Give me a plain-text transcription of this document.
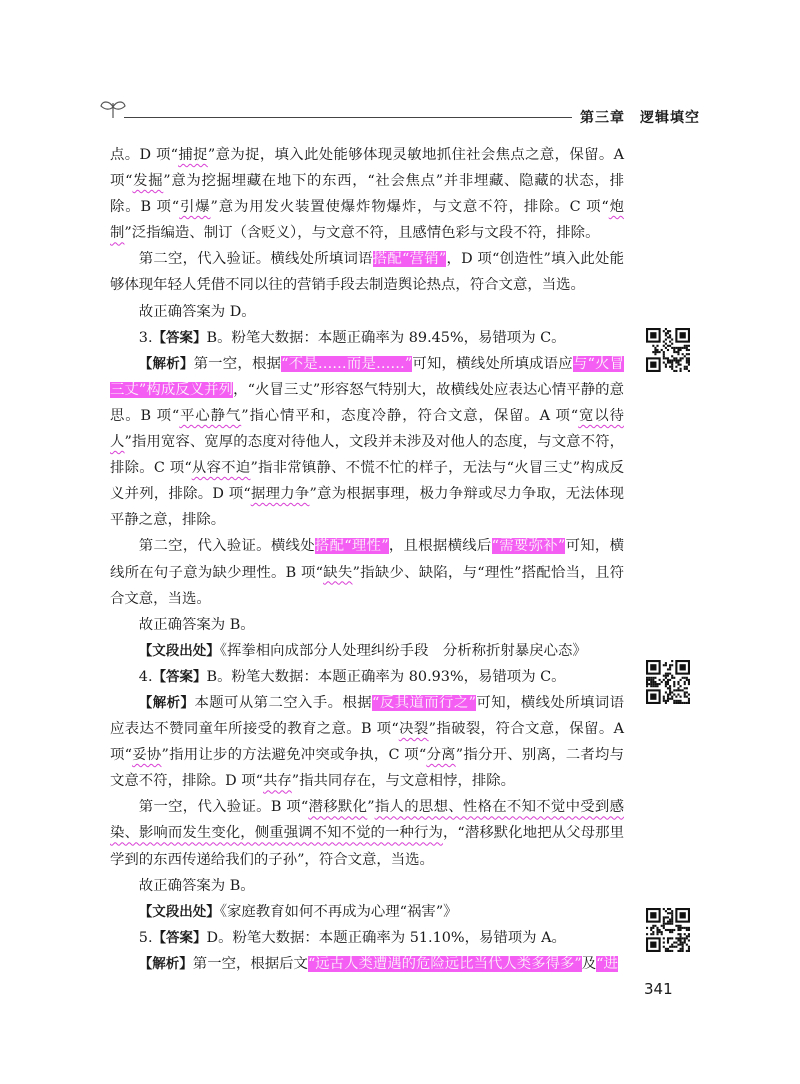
第三章　逻辑填空

点。D 项“捕捉”意为捉，填入此处能够体现灵敏地抓住社会焦点之意，保留。A 项“发掘”意为挖掘埋藏在地下的东西，“社会焦点”并非埋藏、隐藏的状态，排除。B 项“引爆”意为用发火装置使爆炸物爆炸，与文意不符，排除。C 项“炮制”泛指编造、制订（含贬义），与文意不符，且感情色彩与文段不符，排除。

第二空，代入验证。横线处所填词语搭配“营销”，D 项“创造性”填入此处能够体现年轻人凭借不同以往的营销手段去制造舆论热点，符合文意，当选。

故正确答案为 D。

3.【答案】B。粉笔大数据：本题正确率为 89.45%，易错项为 C。

【解析】第一空，根据“不是……而是……”可知，横线处所填成语应与“火冒三丈”构成反义并列，“火冒三丈”形容怒气特别大，故横线处应表达心情平静的意思。B 项“平心静气”指心情平和，态度冷静，符合文意，保留。A 项“宽以待人”指用宽容、宽厚的态度对待他人，文段并未涉及对他人的态度，与文意不符，排除。C 项“从容不迫”指非常镇静、不慌不忙的样子，无法与“火冒三丈”构成反义并列，排除。D 项“据理力争”意为根据事理，极力争辩或尽力争取，无法体现平静之意，排除。

第二空，代入验证。横线处搭配“理性”，且根据横线后“需要弥补”可知，横线所在句子意为缺少理性。B 项“缺失”指缺少、缺陷，与“理性”搭配恰当，且符合文意，当选。

故正确答案为 B。

【文段出处】《挥拳相向成部分人处理纠纷手段　分析称折射暴戾心态》

4.【答案】B。粉笔大数据：本题正确率为 80.93%，易错项为 C。

【解析】本题可从第二空入手。根据“反其道而行之”可知，横线处所填词语应表达不赞同童年所接受的教育之意。B 项“决裂”指破裂，符合文意，保留。A 项“妥协”指用让步的方法避免冲突或争执，C 项“分离”指分开、别离，二者均与文意不符，排除。D 项“共存”指共同存在，与文意相悖，排除。

第一空，代入验证。B 项“潜移默化”指人的思想、性格在不知不觉中受到感染、影响而发生变化，侧重强调不知不觉的一种行为，“潜移默化地把从父母那里学到的东西传递给我们的子孙”，符合文意，当选。

故正确答案为 B。

【文段出处】《家庭教育如何不再成为心理“祸害”》

5.【答案】D。粉笔大数据：本题正确率为 51.10%，易错项为 A。

【解析】第一空，根据后文“远古人类遭遇的危险远比当代人类多得多”及“进

341
